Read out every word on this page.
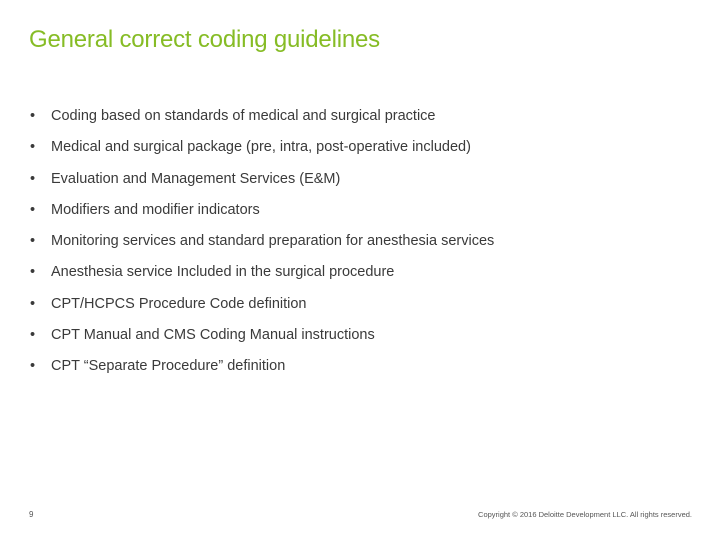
General correct coding guidelines
•	Coding based on standards of medical and surgical practice
•	Medical and surgical package (pre, intra, post-operative included)
•	Evaluation and Management Services (E&M)
•	Modifiers and modifier indicators
•	Monitoring services and standard preparation for anesthesia services
•	Anesthesia service Included in the surgical procedure
•	CPT/HCPCS Procedure Code definition
•	CPT Manual and CMS Coding Manual instructions
•	CPT “Separate Procedure” definition
9	Copyright © 2016 Deloitte Development LLC. All rights reserved.
